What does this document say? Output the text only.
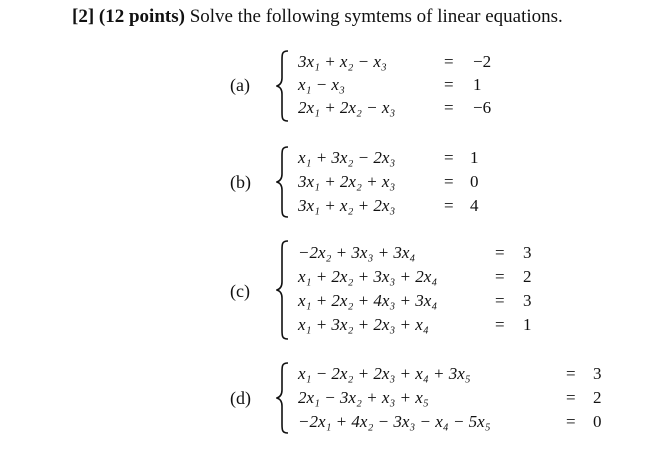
[2] (12 points) Solve the following symtems of linear equations.
(a)
3x₁ + x₂ − x₃	= −2
x₁ − x₃	= 1
2x₁ + 2x₂ − x₃	= −6
(b)
x₁ + 3x₂ − 2x₃	= 1
3x₁ + 2x₂ + x₃	= 0
3x₁ + x₂ + 2x₃	= 4
(c)
−2x₂ + 3x₃ + 3x₄	= 3
x₁ + 2x₂ + 3x₃ + 2x₄	= 2
x₁ + 2x₂ + 4x₃ + 3x₄	= 3
x₁ + 3x₂ + 2x₃ + x₄	= 1
(d)
x₁ − 2x₂ + 2x₃ + x₄ + 3x₅	= 3
2x₁ − 3x₂ + x₃ + x₅	= 2
−2x₁ + 4x₂ − 3x₃ − x₄ − 5x₅	= 0
